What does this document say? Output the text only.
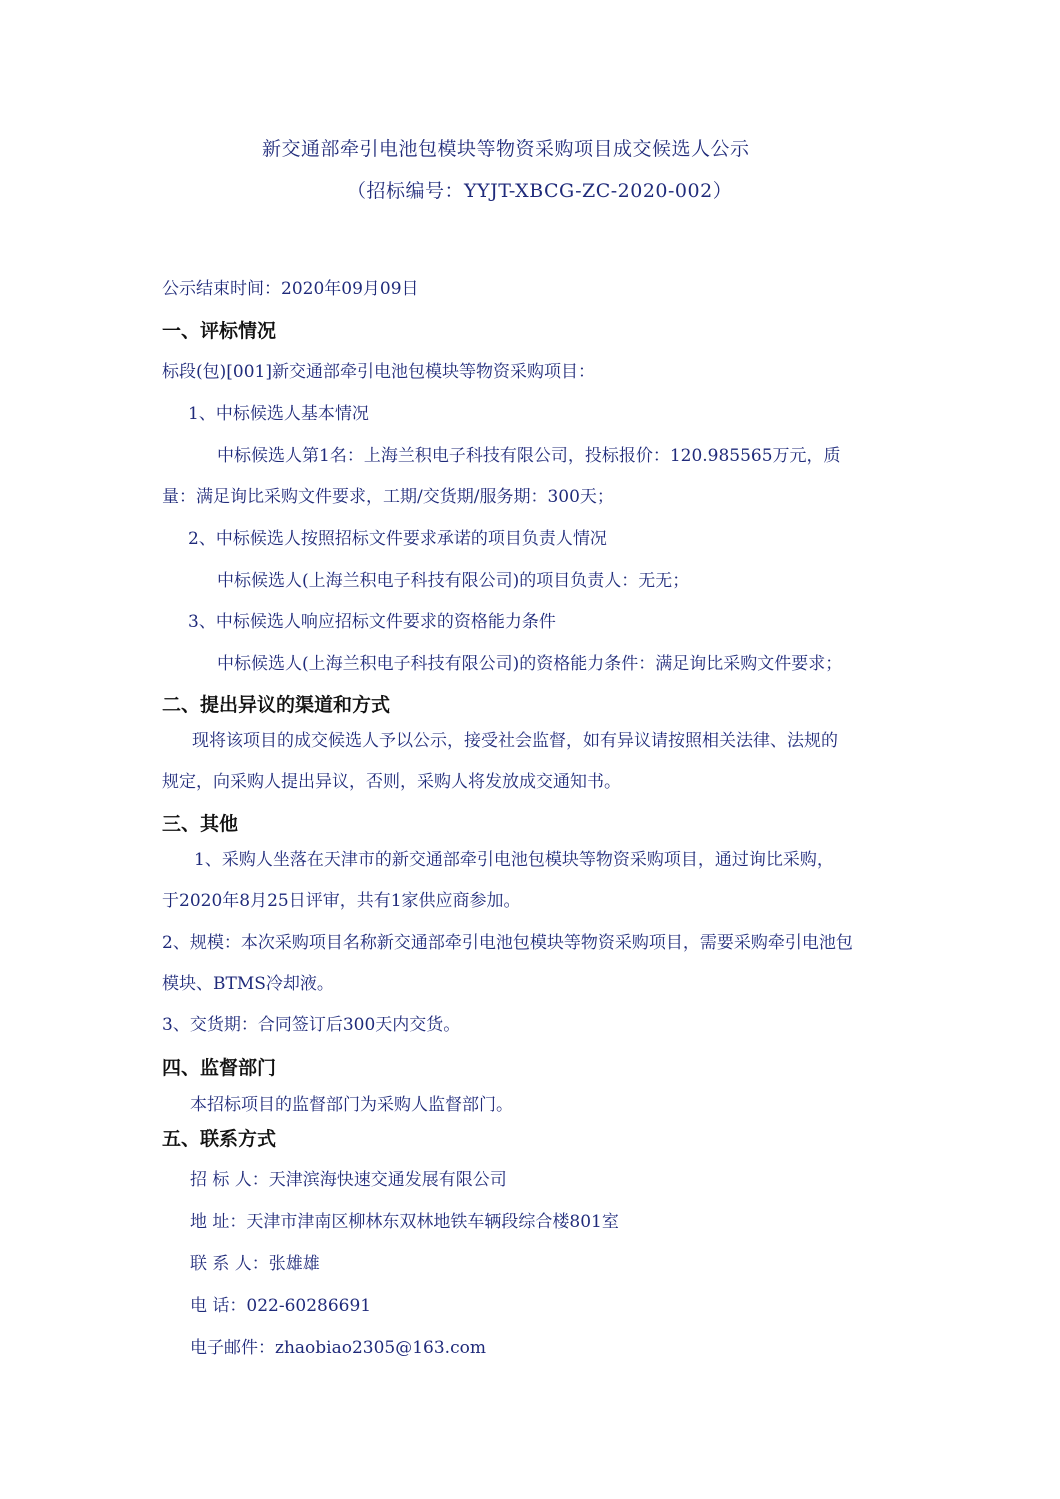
新交通部牵引电池包模块等物资采购项目成交候选人公示
（招标编号：YYJT-XBCG-ZC-2020-002）
公示结束时间：2020年09月09日
一、评标情况
标段(包)[001]新交通部牵引电池包模块等物资采购项目：
1、中标候选人基本情况
中标候选人第1名：上海兰积电子科技有限公司，投标报价：120.985565万元，质
量：满足询比采购文件要求，工期/交货期/服务期：300天；
2、中标候选人按照招标文件要求承诺的项目负责人情况
中标候选人(上海兰积电子科技有限公司)的项目负责人：无无；
3、中标候选人响应招标文件要求的资格能力条件
中标候选人(上海兰积电子科技有限公司)的资格能力条件：满足询比采购文件要求；
二、提出异议的渠道和方式
现将该项目的成交候选人予以公示，接受社会监督，如有异议请按照相关法律、法规的
规定，向采购人提出异议，否则，采购人将发放成交通知书。
三、其他
1、采购人坐落在天津市的新交通部牵引电池包模块等物资采购项目，通过询比采购，
于2020年8月25日评审，共有1家供应商参加。
2、规模：本次采购项目名称新交通部牵引电池包模块等物资采购项目，需要采购牵引电池包
模块、BTMS冷却液。
3、交货期：合同签订后300天内交货。
四、监督部门
本招标项目的监督部门为采购人监督部门。
五、联系方式
招 标 人：天津滨海快速交通发展有限公司
地 址：天津市津南区柳林东双林地铁车辆段综合楼801室
联 系 人：张雄雄
电 话：022-60286691
电子邮件：zhaobiao2305@163.com
